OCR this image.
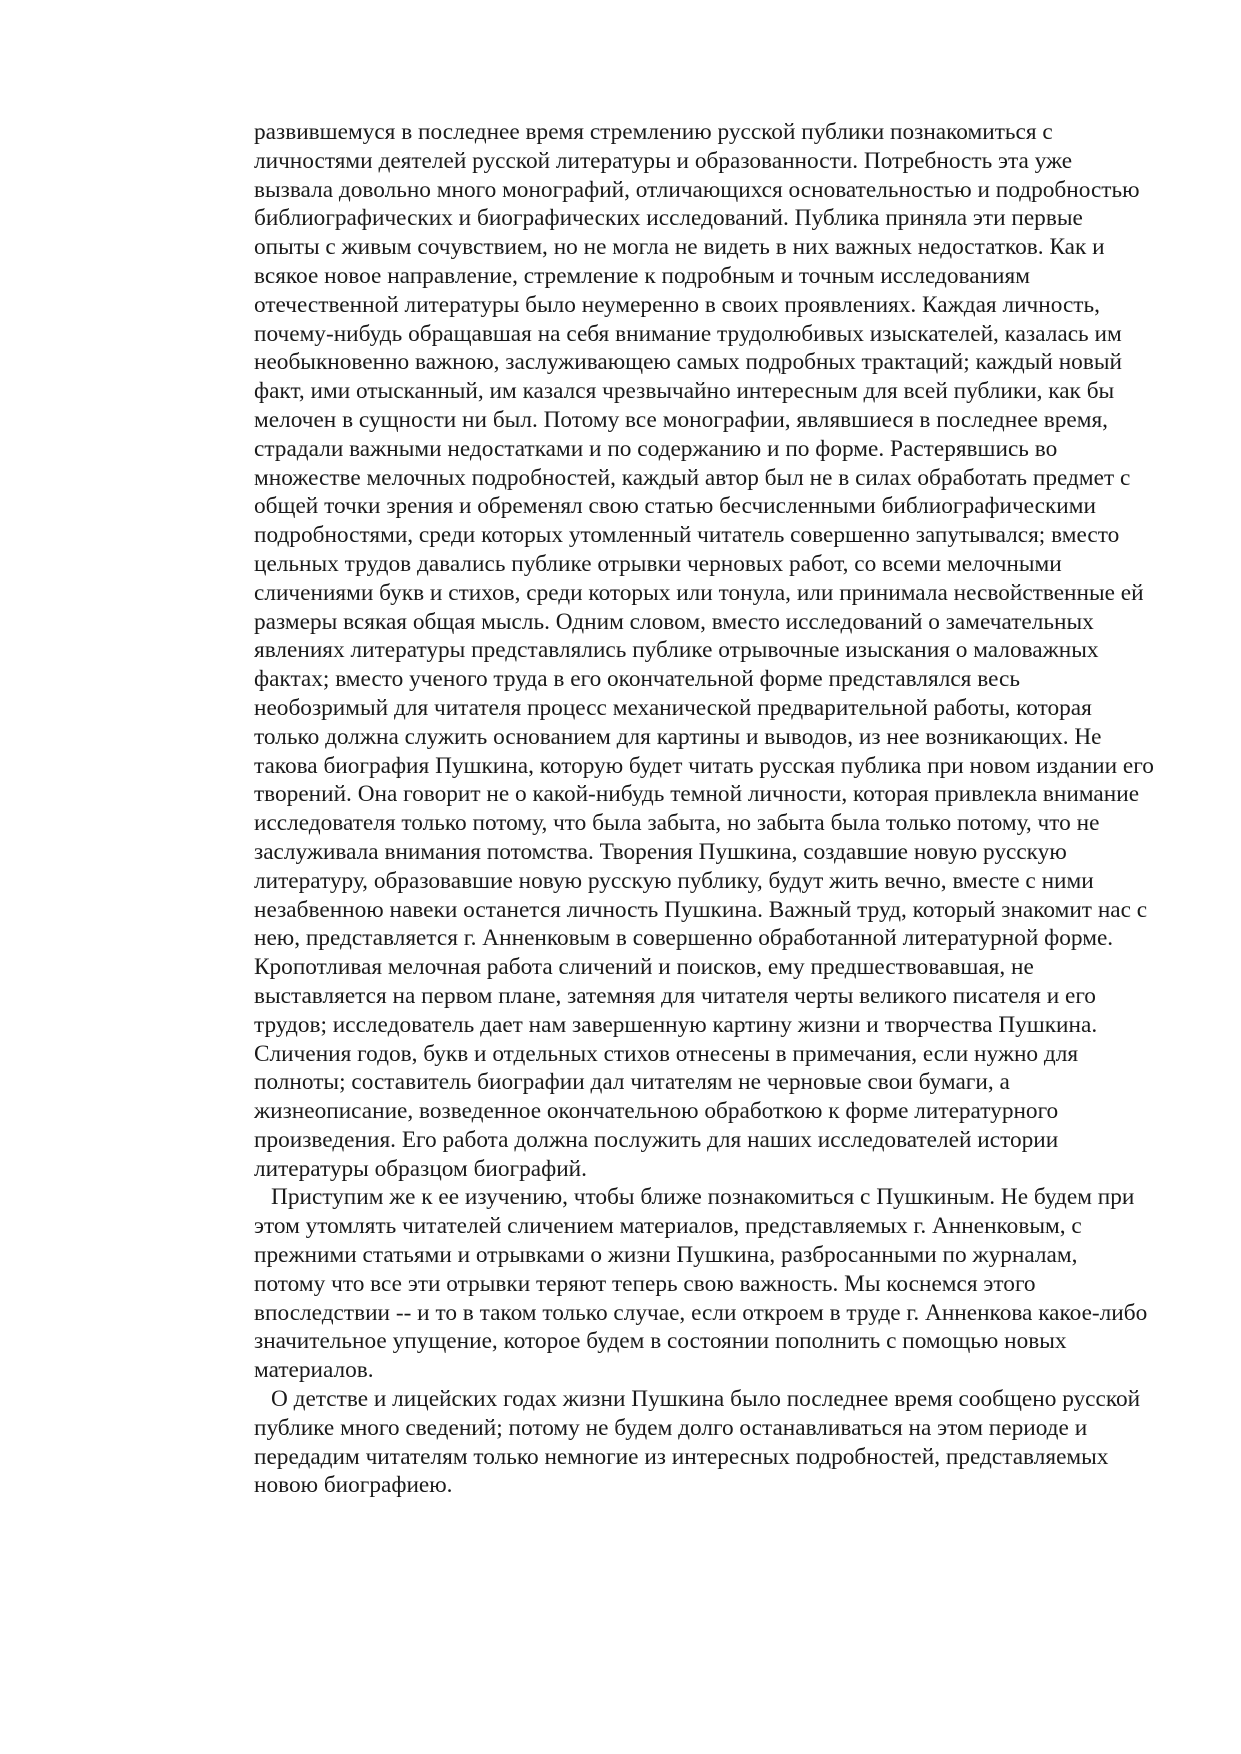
развившемуся в последнее время стремлению русской публики познакомиться с личностями деятелей русской литературы и образованности. Потребность эта уже вызвала довольно много монографий, отличающихся основательностью и подробностью библиографических и биографических исследований. Публика приняла эти первые опыты с живым сочувствием, но не могла не видеть в них важных недостатков. Как и всякое новое направление, стремление к подробным и точным исследованиям отечественной литературы было неумеренно в своих проявлениях. Каждая личность, почему-нибудь обращавшая на себя внимание трудолюбивых изыскателей, казалась им необыкновенно важною, заслуживающею самых подробных трактаций; каждый новый факт, ими отысканный, им казался чрезвычайно интересным для всей публики, как бы мелочен в сущности ни был. Потому все монографии, являвшиеся в последнее время, страдали важными недостатками и по содержанию и по форме. Растерявшись во множестве мелочных подробностей, каждый автор был не в силах обработать предмет с общей точки зрения и обременял свою статью бесчисленными библиографическими подробностями, среди которых утомленный читатель совершенно запутывался; вместо цельных трудов давались публике отрывки черновых работ, со всеми мелочными сличениями букв и стихов, среди которых или тонула, или принимала несвойственные ей размеры всякая общая мысль. Одним словом, вместо исследований о замечательных явлениях литературы представлялись публике отрывочные изыскания о маловажных фактах; вместо ученого труда в его окончательной форме представлялся весь необозримый для читателя процесс механической предварительной работы, которая только должна служить основанием для картины и выводов, из нее возникающих. Не такова биография Пушкина, которую будет читать русская публика при новом издании его творений. Она говорит не о какой-нибудь темной личности, которая привлекла внимание исследователя только потому, что была забыта, но забыта была только потому, что не заслуживала внимания потомства. Творения Пушкина, создавшие новую русскую литературу, образовавшие новую русскую публику, будут жить вечно, вместе с ними незабвенною навеки останется личность Пушкина. Важный труд, который знакомит нас с нею, представляется г. Анненковым в совершенно обработанной литературной форме. Кропотливая мелочная работа сличений и поисков, ему предшествовавшая, не выставляется на первом плане, затемняя для читателя черты великого писателя и его трудов; исследователь дает нам завершенную картину жизни и творчества Пушкина. Сличения годов, букв и отдельных стихов отнесены в примечания, если нужно для полноты; составитель биографии дал читателям не черновые свои бумаги, а жизнеописание, возведенное окончательною обработкою к форме литературного произведения. Его работа должна послужить для наших исследователей истории литературы образцом биографий.

Приступим же к ее изучению, чтобы ближе познакомиться с Пушкиным. Не будем при этом утомлять читателей сличением материалов, представляемых г. Анненковым, с прежними статьями и отрывками о жизни Пушкина, разбросанными по журналам, потому что все эти отрывки теряют теперь свою важность. Мы коснемся этого впоследствии -- и то в таком только случае, если откроем в труде г. Анненкова какое-либо значительное упущение, которое будем в состоянии пополнить с помощью новых материалов.

О детстве и лицейских годах жизни Пушкина было последнее время сообщено русской публике много сведений; потому не будем долго останавливаться на этом периоде и передадим читателям только немногие из интересных подробностей, представляемых новою биографиею.
